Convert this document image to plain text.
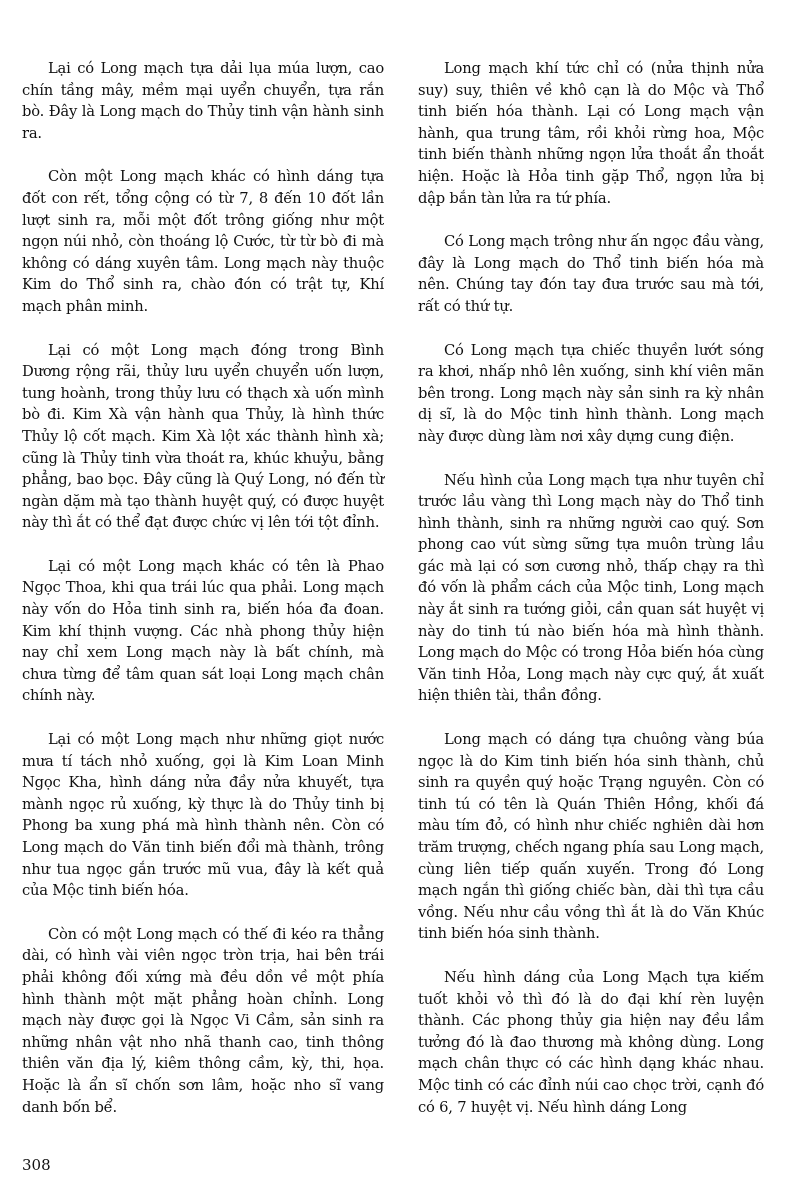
Lại có Long mạch tựa dải lụa múa lượn, cao chín tầng mây, mềm mại uyển chuyển, tựa rắn bò. Đây là Long mạch do Thủy tinh vận hành sinh ra.

Còn một Long mạch khác có hình dáng tựa đốt con rết, tổng cộng có từ 7, 8 đến 10 đốt lần lượt sinh ra, mỗi một đốt trông giống như một ngọn núi nhỏ, còn thoáng lộ Cước, từ từ bò đi mà không có dáng xuyên tâm. Long mạch này thuộc Kim do Thổ sinh ra, chào đón có trật tự, Khí mạch phân minh.

Lại có một Long mạch đóng trong Bình Dương rộng rãi, thủy lưu uyển chuyển uốn lượn, tung hoành, trong thủy lưu có thạch xà uốn mình bò đi. Kim Xà vận hành qua Thủy, là hình thức Thủy lộ cốt mạch. Kim Xà lột xác thành hình xà; cũng là Thủy tinh vừa thoát ra, khúc khuỷu, bằng phẳng, bao bọc. Đây cũng là Quý Long, nó đến từ ngàn dặm mà tạo thành huyệt quý, có được huyệt này thì ắt có thể đạt được chức vị lên tới tột đỉnh.

Lại có một Long mạch khác có tên là Phao Ngọc Thoa, khi qua trái lúc qua phải. Long mạch này vốn do Hỏa tinh sinh ra, biến hóa đa đoan. Kim khí thịnh vượng. Các nhà phong thủy hiện nay chỉ xem Long mạch này là bất chính, mà chưa từng để tâm quan sát loại Long mạch chân chính này.

Lại có một Long mạch như những giọt nước mưa tí tách nhỏ xuống, gọi là Kim Loan Minh Ngọc Kha, hình dáng nửa đầy nửa khuyết, tựa mành ngọc rủ xuống, kỳ thực là do Thủy tinh bị Phong ba xung phá mà hình thành nên. Còn có Long mạch do Văn tinh biến đổi mà thành, trông như tua ngọc gắn trước mũ vua, đây là kết quả của Mộc tinh biến hóa.

Còn có một Long mạch có thế đi kéo ra thẳng dài, có hình vài viên ngọc tròn trịa, hai bên trái phải không đối xứng mà đều dồn về một phía hình thành một mặt phẳng hoàn chỉnh. Long mạch này được gọi là Ngọc Vi Cầm, sản sinh ra những nhân vật nho nhã thanh cao, tinh thông thiên văn địa lý, kiêm thông cầm, kỳ, thi, họa. Hoặc là ẩn sĩ chốn sơn lâm, hoặc nho sĩ vang danh bốn bể.

Long mạch khí tức chỉ có (nửa thịnh nửa suy) suy, thiên về khô cạn là do Mộc và Thổ tinh biến hóa thành. Lại có Long mạch vận hành, qua trung tâm, rồi khỏi rừng hoa, Mộc tinh biến thành những ngọn lửa thoắt ẩn thoắt hiện. Hoặc là Hỏa tinh gặp Thổ, ngọn lửa bị dập bắn tàn lửa ra tứ phía.

Có Long mạch trông như ấn ngọc đầu vàng, đây là Long mạch do Thổ tinh biến hóa mà nên. Chúng tay đón tay đưa trước sau mà tới, rất có thứ tự.

Có Long mạch tựa chiếc thuyền lướt sóng ra khơi, nhấp nhô lên xuống, sinh khí viên mãn bên trong. Long mạch này sản sinh ra kỳ nhân dị sĩ, là do Mộc tinh hình thành. Long mạch này được dùng làm nơi xây dựng cung điện.

Nếu hình của Long mạch tựa như tuyên chỉ trước lầu vàng thì Long mạch này do Thổ tinh hình thành, sinh ra những người cao quý. Sơn phong cao vút sừng sững tựa muôn trùng lầu gác mà lại có sơn cương nhỏ, thấp chạy ra thì đó vốn là phẩm cách của Mộc tinh, Long mạch này ắt sinh ra tướng giỏi, cần quan sát huyệt vị này do tinh tú nào biến hóa mà hình thành. Long mạch do Mộc có trong Hỏa biến hóa cùng Văn tinh Hỏa, Long mạch này cực quý, ắt xuất hiện thiên tài, thần đồng.

Long mạch có dáng tựa chuông vàng búa ngọc là do Kim tinh biến hóa sinh thành, chủ sinh ra quyền quý hoặc Trạng nguyên. Còn có tinh tú có tên là Quán Thiên Hồng, khối đá màu tím đỏ, có hình như chiếc nghiên dài hơn trăm trượng, chếch ngang phía sau Long mạch, cùng liên tiếp quấn xuyến. Trong đó Long mạch ngắn thì giống chiếc bàn, dài thì tựa cầu vồng. Nếu như cầu vồng thì ắt là do Văn Khúc tinh biến hóa sinh thành.

Nếu hình dáng của Long Mạch tựa kiếm tuốt khỏi vỏ thì đó là do đại khí rèn luyện thành. Các phong thủy gia hiện nay đều lầm tưởng đó là đao thương mà không dùng. Long mạch chân thực có các hình dạng khác nhau. Mộc tinh có các đỉnh núi cao chọc trời, cạnh đó có 6, 7 huyệt vị. Nếu hình dáng Long

308
